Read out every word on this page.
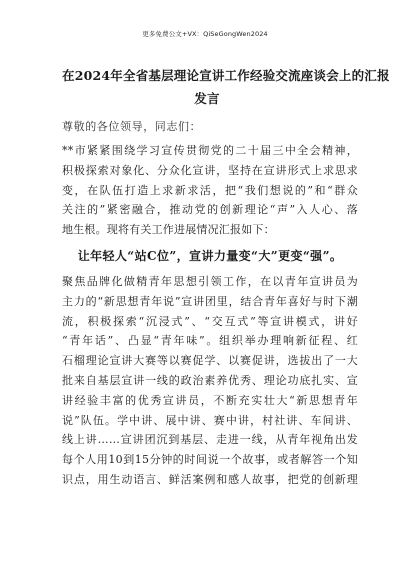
更多免费公文+VX：QiSeGongWen2024
在2024年全省基层理论宣讲工作经验交流座谈会上的汇报
发言
尊敬的各位领导，同志们：
**市紧紧围绕学习宣传贯彻党的二十届三中全会精神，
积极探索对象化、分众化宣讲，坚持在宣讲形式上求思求
变，在队伍打造上求新求活，把“我们想说的”和“群众
关注的”紧密融合，推动党的创新理论“声”入人心、落
地生根。现将有关工作进展情况汇报如下：
让年轻人“站C位”，宣讲力量变“大”更变“强”。
聚焦品牌化做精青年思想引领工作，在以青年宣讲员为
主力的“新思想青年说”宣讲团里，结合青年喜好与时下潮
流，积极探索“沉浸式”、“交互式”等宣讲模式，讲好
“青年话”、凸显“青年味”。组织举办理响新征程、红
石榴理论宣讲大赛等以赛促学、以赛促讲，选拔出了一大
批来自基层宣讲一线的政治素养优秀、理论功底扎实、宣
讲经验丰富的优秀宣讲员，不断充实壮大“新思想青年
说”队伍。学中讲、展中讲、赛中讲，村社讲、车间讲、
线上讲……宣讲团沉到基层、走进一线，从青年视角出发
每个人用10到15分钟的时间说一个故事，或者解答一个知
识点，用生动语言、鲜活案例和感人故事，把党的创新理
